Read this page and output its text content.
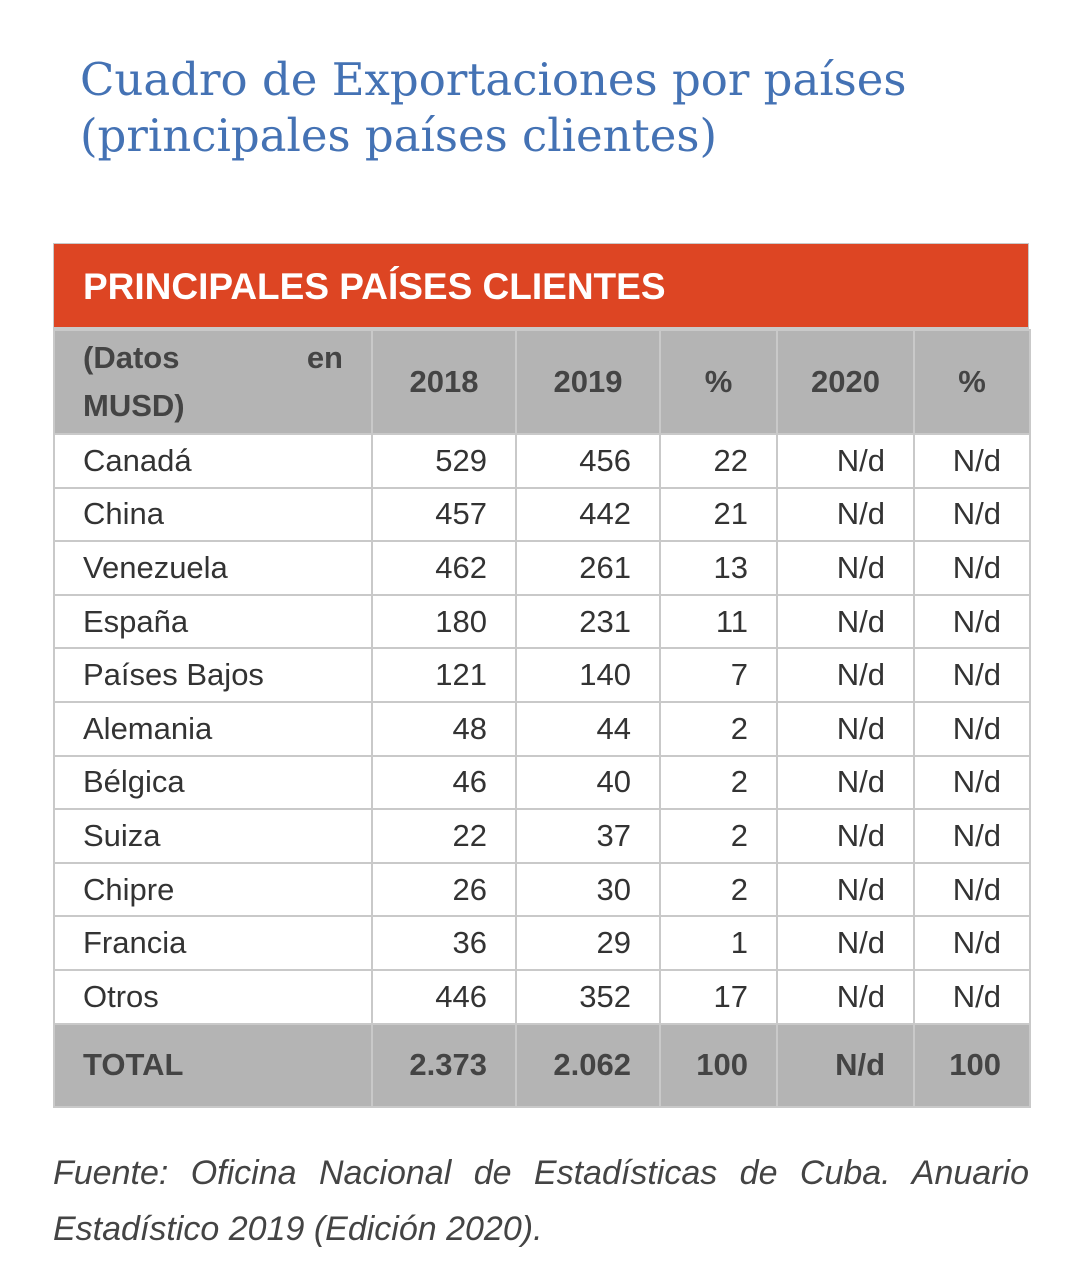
Cuadro de Exportaciones por países
(principales países clientes)
PRINCIPALES PAÍSES CLIENTES
(Datos en
MUSD)	2018	2019	%	2020	%
Canadá	529	456	22	N/d	N/d
China	457	442	21	N/d	N/d
Venezuela	462	261	13	N/d	N/d
España	180	231	11	N/d	N/d
Países Bajos	121	140	7	N/d	N/d
Alemania	48	44	2	N/d	N/d
Bélgica	46	40	2	N/d	N/d
Suiza	22	37	2	N/d	N/d
Chipre	26	30	2	N/d	N/d
Francia	36	29	1	N/d	N/d
Otros	446	352	17	N/d	N/d
TOTAL	2.373	2.062	100	N/d	100

Fuente: Oficina Nacional de Estadísticas de Cuba. Anuario Estadístico 2019 (Edición 2020).
